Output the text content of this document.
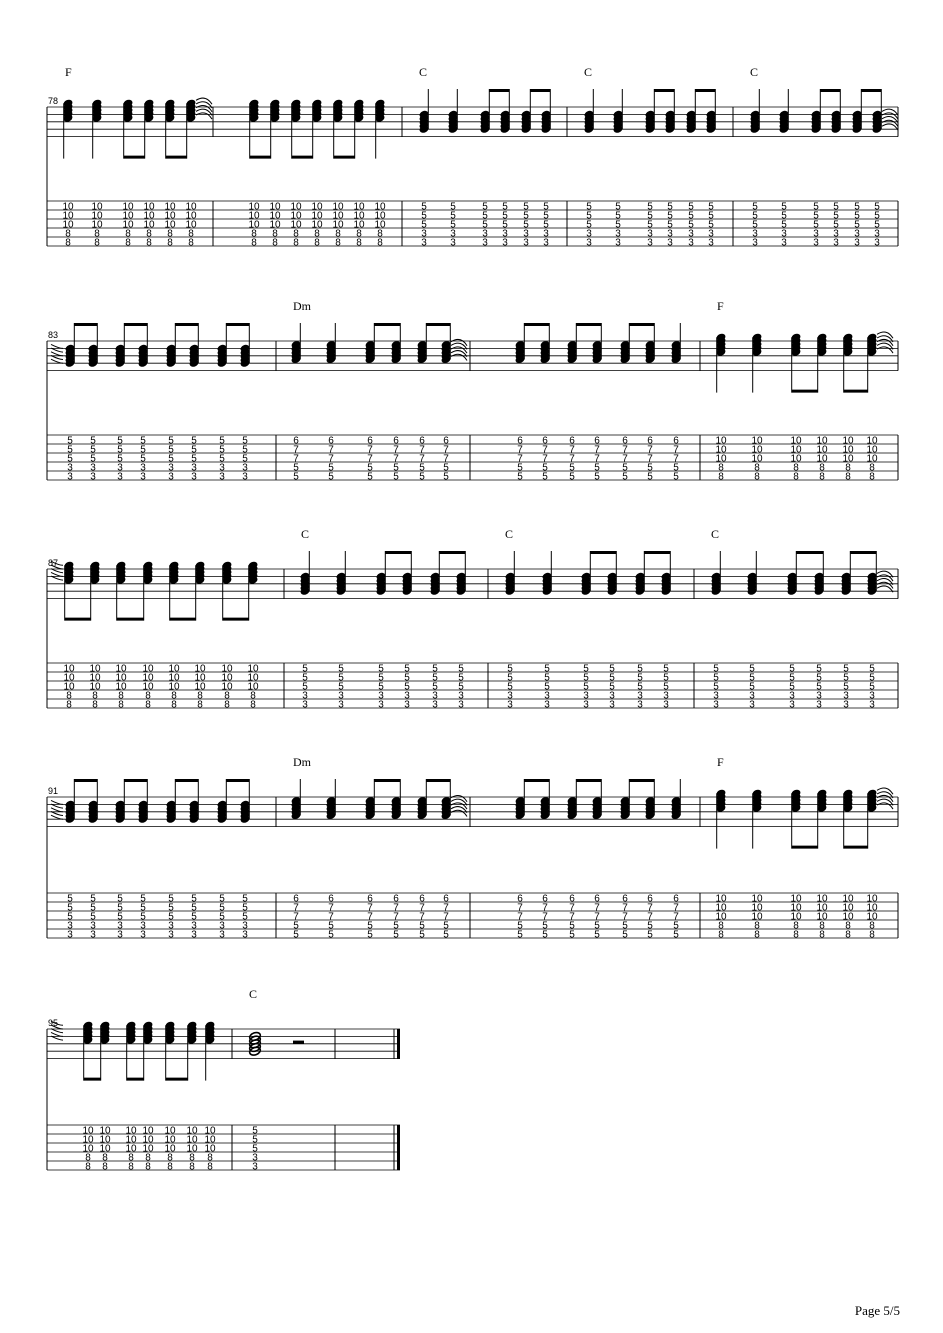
78
F
10
10
10
8
8
10
10
10
8
8
10
10
10
8
8
10
10
10
8
8
10
10
10
8
8
10
10
10
8
8
10
10
10
8
8
10
10
10
8
8
10
10
10
8
8
10
10
10
8
8
10
10
10
8
8
10
10
10
8
8
10
10
10
8
8
C
5
5
5
3
3
5
5
5
3
3
5
5
5
3
3
5
5
5
3
3
5
5
5
3
3
5
5
5
3
3
C
5
5
5
3
3
5
5
5
3
3
5
5
5
3
3
5
5
5
3
3
5
5
5
3
3
5
5
5
3
3
C
5
5
5
3
3
5
5
5
3
3
5
5
5
3
3
5
5
5
3
3
5
5
5
3
3
5
5
5
3
3
83
5
5
5
3
3
5
5
5
3
3
5
5
5
3
3
5
5
5
3
3
5
5
5
3
3
5
5
5
3
3
5
5
5
3
3
5
5
5
3
3
Dm
6
7
7
5
5
6
7
7
5
5
6
7
7
5
5
6
7
7
5
5
6
7
7
5
5
6
7
7
5
5
6
7
7
5
5
6
7
7
5
5
6
7
7
5
5
6
7
7
5
5
6
7
7
5
5
6
7
7
5
5
6
7
7
5
5
F
10
10
10
8
8
10
10
10
8
8
10
10
10
8
8
10
10
10
8
8
10
10
10
8
8
10
10
10
8
8
87
10
10
10
8
8
10
10
10
8
8
10
10
10
8
8
10
10
10
8
8
10
10
10
8
8
10
10
10
8
8
10
10
10
8
8
10
10
10
8
8
C
5
5
5
3
3
5
5
5
3
3
5
5
5
3
3
5
5
5
3
3
5
5
5
3
3
5
5
5
3
3
C
5
5
5
3
3
5
5
5
3
3
5
5
5
3
3
5
5
5
3
3
5
5
5
3
3
5
5
5
3
3
C
5
5
5
3
3
5
5
5
3
3
5
5
5
3
3
5
5
5
3
3
5
5
5
3
3
5
5
5
3
3
91
5
5
5
3
3
5
5
5
3
3
5
5
5
3
3
5
5
5
3
3
5
5
5
3
3
5
5
5
3
3
5
5
5
3
3
5
5
5
3
3
Dm
6
7
7
5
5
6
7
7
5
5
6
7
7
5
5
6
7
7
5
5
6
7
7
5
5
6
7
7
5
5
6
7
7
5
5
6
7
7
5
5
6
7
7
5
5
6
7
7
5
5
6
7
7
5
5
6
7
7
5
5
6
7
7
5
5
F
10
10
10
8
8
10
10
10
8
8
10
10
10
8
8
10
10
10
8
8
10
10
10
8
8
10
10
10
8
8
95
10
10
10
8
8
10
10
10
8
8
10
10
10
8
8
10
10
10
8
8
10
10
10
8
8
10
10
10
8
8
10
10
10
8
8
C
5
5
5
3
3
Page 5/5
